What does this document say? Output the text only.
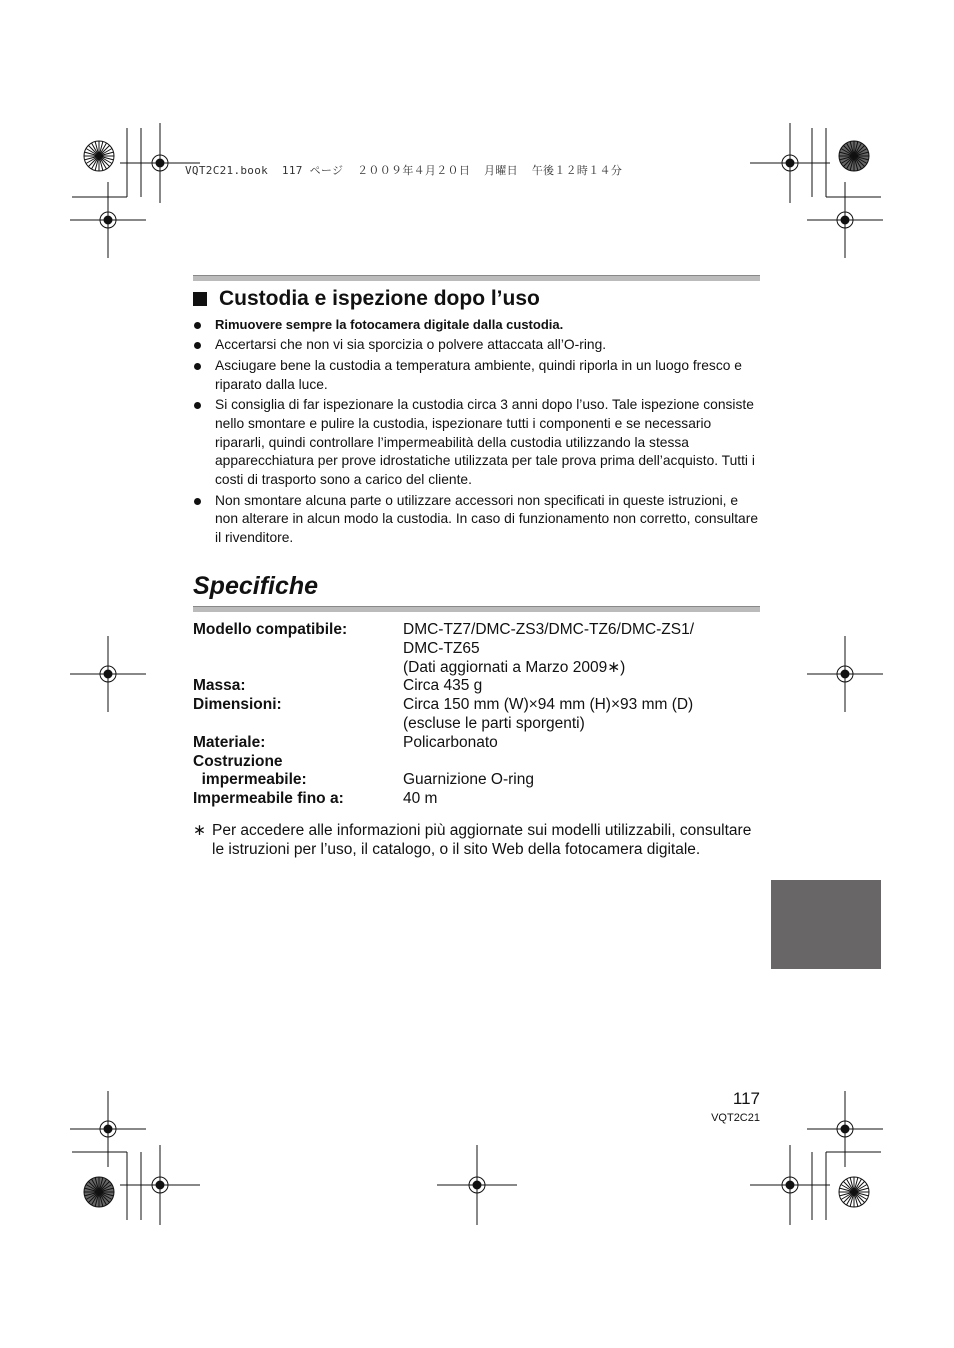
VQT2C21.book  117 ページ  ２００９年４月２０日  月曜日  午後１２時１４分
Custodia e ispezione dopo l’uso
Rimuovere sempre la fotocamera digitale dalla custodia.
Accertarsi che non vi sia sporcizia o polvere attaccata all’O-ring.
Asciugare bene la custodia a temperatura ambiente, quindi riporla in un luogo fresco e riparato dalla luce.
Si consiglia di far ispezionare la custodia circa 3 anni dopo l’uso. Tale ispezione consiste nello smontare e pulire la custodia, ispezionare tutti i componenti e se necessario ripararli, quindi controllare l’impermeabilità della custodia utilizzando la stessa apparecchiatura per prove idrostatiche utilizzata per tale prova prima dell’acquisto. Tutti i costi di trasporto sono a carico del cliente.
Non smontare alcuna parte o utilizzare accessori non specificati in queste istruzioni, e non alterare in alcun modo la custodia. In caso di funzionamento non corretto, consultare il rivenditore.
Specifiche
Modello compatibile:	DMC-TZ7/DMC-ZS3/DMC-TZ6/DMC-ZS1/
	DMC-TZ65
	(Dati aggiornati a Marzo 2009∗)
Massa:	Circa 435 g
Dimensioni:	Circa 150 mm (W)×94 mm (H)×93 mm (D)
	(escluse le parti sporgenti)
Materiale:	Policarbonato
Costruzione	
impermeabile:	Guarnizione O-ring
Impermeabile fino a:	40 m
∗ Per accedere alle informazioni più aggiornate sui modelli utilizzabili, consultare le istruzioni per l’uso, il catalogo, o il sito Web della fotocamera digitale.
117
VQT2C21
